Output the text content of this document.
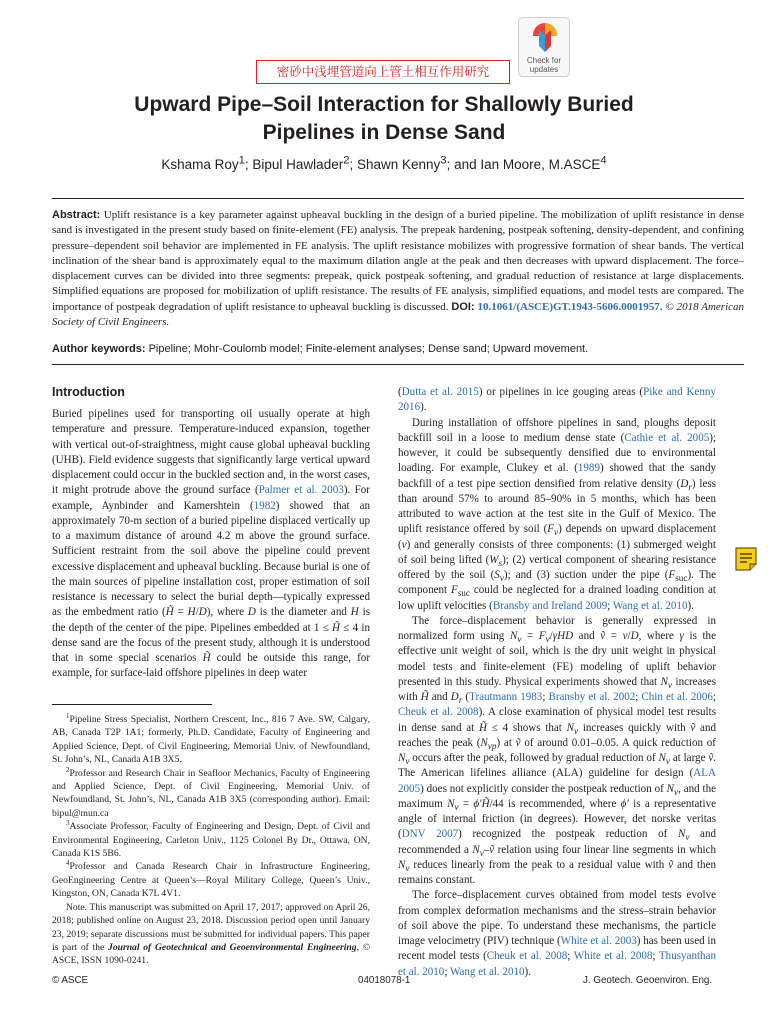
密砂中浅埋管道向上管土相互作用研究
Check for
updates
Upward Pipe–Soil Interaction for Shallowly Buried
Pipelines in Dense Sand
Kshama Roy$^1$; Bipul Hawlader$^2$; Shawn Kenny$^3$; and Ian Moore, M.ASCE$^4$
Abstract: Uplift resistance is a key parameter against upheaval buckling in the design of a buried pipeline. The mobilization of uplift resistance in dense sand is investigated in the present study based on finite-element (FE) analysis. The prepeak hardening, postpeak softening, density-dependent, and confining pressure–dependent soil behavior are implemented in FE analysis. The uplift resistance mobilizes with progressive formation of shear bands. The vertical inclination of the shear band is approximately equal to the maximum dilation angle at the peak and then decreases with upward displacement. The force–displacement curves can be divided into three segments: prepeak, quick postpeak softening, and gradual reduction of resistance at large displacements. Simplified equations are proposed for mobilization of uplift resistance. The results of FE analysis, simplified equations, and model tests are compared. The importance of postpeak degradation of uplift resistance to upheaval buckling is discussed. DOI: 10.1061/(ASCE)GT.1943-5606.0001957. © 2018 American Society of Civil Engineers.
Author keywords: Pipeline; Mohr-Coulomb model; Finite-element analyses; Dense sand; Upward movement.
Introduction

Buried pipelines used for transporting oil usually operate at high temperature and pressure. Temperature-induced expansion, together with vertical out-of-straightness, might cause global upheaval buckling (UHB). Field evidence suggests that significantly large vertical upward displacement could occur in the buckled section and, in the worst cases, it might protrude above the ground surface (Palmer et al. 2003). For example, Aynbinder and Kamershtein (1982) showed that an approximately 70-m section of a buried pipeline displaced vertically up to a maximum distance of around 4.2 m above the ground surface. Sufficient restraint from the soil above the pipeline could prevent excessive displacement and upheaval buckling. Because burial is one of the main sources of pipeline installation cost, proper estimation of soil resistance is necessary to select the burial depth—typically expressed as the embedment ratio (H̃ = H/D), where D is the diameter and H is the depth of the center of the pipe. Pipelines embedded at 1 ≤ H̃ ≤ 4 in dense sand are the focus of the present study, although it is understood that in some special scenarios H̃ could be outside this range, for example, for surface-laid offshore pipelines in deep water

$^1$Pipeline Stress Specialist, Northern Crescent, Inc., 816 7 Ave. SW, Calgary, AB, Canada T2P 1A1; formerly, Ph.D. Candidate, Faculty of Engineering and Applied Science, Dept. of Civil Engineering, Memorial Univ. of Newfoundland, St. John’s, NL, Canada A1B 3X5.

$^2$Professor and Research Chair in Seafloor Mechanics, Faculty of Engineering and Applied Science, Dept. of Civil Engineering, Memorial Univ. of Newfoundland, St. John’s, NL, Canada A1B 3X5 (corresponding author). Email: bipul@mun.ca

$^3$Associate Professor, Faculty of Engineering and Design, Dept. of Civil and Environmental Engineering, Carleton Univ., 1125 Colonel By Dr., Ottawa, ON, Canada K1S 5B6.

$^4$Professor and Canada Research Chair in Infrastructure Engineering, GeoEngineering Centre at Queen’s—Royal Military College, Queen’s Univ., Kingston, ON, Canada K7L 4V1.

Note. This manuscript was submitted on April 17, 2017; approved on April 26, 2018; published online on August 23, 2018. Discussion period open until January 23, 2019; separate discussions must be submitted for individual papers. This paper is part of the Journal of Geotechnical and Geoenvironmental Engineering, © ASCE, ISSN 1090-0241.

(Dutta et al. 2015) or pipelines in ice gouging areas (Pike and Kenny 2016).

During installation of offshore pipelines in sand, ploughs deposit backfill soil in a loose to medium dense state (Cathie et al. 2005); however, it could be subsequently densified due to environmental loading. For example, Clukey et al. (1989) showed that the sandy backfill of a test pipe section densified from relative density $(D_r)$ less than around 57% to around 85–90% in 5 months, which has been attributed to wave action at the test site in the Gulf of Mexico. The uplift resistance offered by soil $(F_v)$ depends on upward displacement (v) and generally consists of three components: (1) submerged weight of soil being lifted $(W_s)$; (2) vertical component of shearing resistance offered by the soil $(S_v)$; and (3) suction under the pipe $(F_{suc})$. The component $F_{suc}$ could be neglected for a drained loading condition at low uplift velocities (Bransby and Ireland 2009; Wang et al. 2010).

The force–displacement behavior is generally expressed in normalized form using $N_v = F_v/\gamma HD$ and ṽ = v/D, where γ is the effective unit weight of soil, which is the dry unit weight in physical model tests and finite-element (FE) modeling of uplift behavior presented in this study. Physical experiments showed that $N_v$ increases with H̃ and $D_r$ (Trautmann 1983; Bransby et al. 2002; Chin et al. 2006; Cheuk et al. 2008). A close examination of physical model test results in dense sand at H̃ ≤ 4 shows that $N_v$ increases quickly with ṽ and reaches the peak $(N_{vp})$ at ṽ of around 0.01–0.05. A quick reduction of $N_v$ occurs after the peak, followed by gradual reduction of $N_v$ at large ṽ. The American lifelines alliance (ALA) guideline for design (ALA 2005) does not explicitly consider the postpeak reduction of $N_v$, and the maximum $N_v$ = ϕ′H̃/44 is recommended, where ϕ′ is a representative angle of internal friction (in degrees). However, det norske veritas (DNV 2007) recognized the postpeak reduction of $N_v$ and recommended a $N_v-ṽ$ relation using four linear line segments in which $N_v$ reduces linearly from the peak to a residual value with ṽ and then remains constant.

The force–displacement curves obtained from model tests evolve from complex deformation mechanisms and the stress–strain behavior of soil above the pipe. To understand these mechanisms, the particle image velocimetry (PIV) technique (White et al. 2003) has been used in recent model tests (Cheuk et al. 2008; White et al. 2008; Thusyanthan et al. 2010; Wang et al. 2010).

© ASCE	04018078-1	J. Geotech. Geoenviron. Eng.
